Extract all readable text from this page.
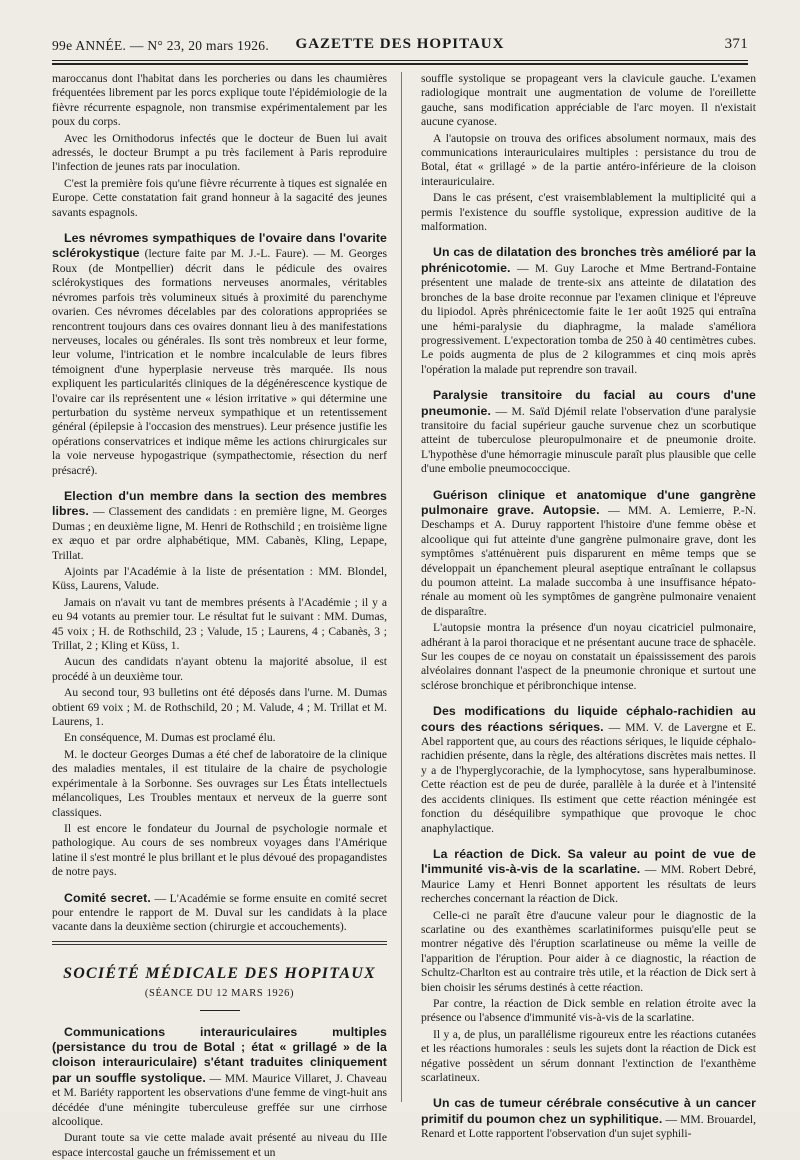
99e ANNÉE. — N° 23, 20 mars 1926.	GAZETTE DES HOPITAUX	371

maroccanus dont l'habitat dans les porcheries ou dans les chaumières fréquentées librement par les porcs explique toute l'épidémiologie de la fièvre récurrente espagnole, non transmise expérimentalement par les poux du corps.

Avec les Ornithodorus infectés que le docteur de Buen lui avait adressés, le docteur Brumpt a pu très facilement à Paris reproduire l'infection de jeunes rats par inoculation.

C'est la première fois qu'une fièvre récurrente à tiques est signalée en Europe. Cette constatation fait grand honneur à la sagacité des jeunes savants espagnols.

Les névromes sympathiques de l'ovaire dans l'ovarite sclérokystique (lecture faite par M. J.-L. Faure). — M. Georges Roux (de Montpellier) décrit dans le pédicule des ovaires sclérokystiques des formations nerveuses anormales, véritables névromes parfois très volumineux situés à proximité du parenchyme ovarien. Ces névromes décelables par des colorations appropriées se rencontrent toujours dans ces ovaires donnant lieu à des manifestations nerveuses, locales ou générales. Ils sont très nombreux et leur forme, leur volume, l'intrication et le nombre incalculable de leurs fibres témoignent d'une hyperplasie nerveuse très marquée. Ils nous expliquent les particularités cliniques de la dégénérescence kystique de l'ovaire car ils représentent une « lésion irritative » qui détermine une perturbation du système nerveux sympathique et un retentissement général (épilepsie à l'occasion des menstrues). Leur présence justifie les opérations conservatrices et indique même les actions chirurgicales sur la voie nerveuse hypogastrique (sympathectomie, résection du nerf présacré).

Election d'un membre dans la section des membres libres. — Classement des candidats : en première ligne, M. Georges Dumas ; en deuxième ligne, M. Henri de Rothschild ; en troisième ligne ex æquo et par ordre alphabétique, MM. Cabanès, Kling, Lepape, Trillat.

Ajoints par l'Académie à la liste de présentation : MM. Blondel, Küss, Laurens, Valude.

Jamais on n'avait vu tant de membres présents à l'Académie ; il y a eu 94 votants au premier tour. Le résultat fut le suivant : MM. Dumas, 45 voix ; H. de Rothschild, 23 ; Valude, 15 ; Laurens, 4 ; Cabanès, 3 ; Trillat, 2 ; Kling et Küss, 1.

Aucun des candidats n'ayant obtenu la majorité absolue, il est procédé à un deuxième tour.

Au second tour, 93 bulletins ont été déposés dans l'urne. M. Dumas obtient 69 voix ; M. de Rothschild, 20 ; M. Valude, 4 ; M. Trillat et M. Laurens, 1.

En conséquence, M. Dumas est proclamé élu.

M. le docteur Georges Dumas a été chef de laboratoire de la clinique des maladies mentales, il est titulaire de la chaire de psychologie expérimentale à la Sorbonne. Ses ouvrages sur Les États intellectuels mélancoliques, Les Troubles mentaux et nerveux de la guerre sont classiques.

Il est encore le fondateur du Journal de psychologie normale et pathologique. Au cours de ses nombreux voyages dans l'Amérique latine il s'est montré le plus brillant et le plus dévoué des propagandistes de notre pays.

Comité secret. — L'Académie se forme ensuite en comité secret pour entendre le rapport de M. Duval sur les candidats à la place vacante dans la deuxième section (chirurgie et accouchements).

SOCIÉTÉ MÉDICALE DES HOPITAUX
(SÉANCE DU 12 MARS 1926)

Communications interauriculaires multiples (persistance du trou de Botal ; état « grillagé » de la cloison interauriculaire) s'étant traduites cliniquement par un souffle systolique. — MM. Maurice Villaret, J. Chaveau et M. Bariéty rapportent les observations d'une femme de vingt-huit ans décédée d'une méningite tuberculeuse greffée sur une cirrhose alcoolique.

Durant toute sa vie cette malade avait présenté au niveau du IIIe espace intercostal gauche un frémissement et un

souffle systolique se propageant vers la clavicule gauche. L'examen radiologique montrait une augmentation de volume de l'oreillette gauche, sans modification appréciable de l'arc moyen. Il n'existait aucune cyanose.

A l'autopsie on trouva des orifices absolument normaux, mais des communications interauriculaires multiples : persistance du trou de Botal, état « grillagé » de la partie antéro-inférieure de la cloison interauriculaire.

Dans le cas présent, c'est vraisemblablement la multiplicité qui a permis l'existence du souffle systolique, expression auditive de la malformation.

Un cas de dilatation des bronches très amélioré par la phrénicotomie. — M. Guy Laroche et Mme Bertrand-Fontaine présentent une malade de trente-six ans atteinte de dilatation des bronches de la base droite reconnue par l'examen clinique et l'épreuve du lipiodol. Après phrénicectomie faite le 1er août 1925 qui entraîna une hémi-paralysie du diaphragme, la malade s'améliora progressivement. L'expectoration tomba de 250 à 40 centimètres cubes. Le poids augmenta de plus de 2 kilogrammes et cinq mois après l'opération la malade put reprendre son travail.

Paralysie transitoire du facial au cours d'une pneumonie. — M. Saïd Djémil relate l'observation d'une paralysie transitoire du facial supérieur gauche survenue chez un scorbutique atteint de tuberculose pleuropulmonaire et de pneumonie droite. L'hypothèse d'une hémorragie minuscule paraît plus plausible que celle d'une embolie pneumococcique.

Guérison clinique et anatomique d'une gangrène pulmonaire grave. Autopsie. — MM. A. Lemierre, P.-N. Deschamps et A. Duruy rapportent l'histoire d'une femme obèse et alcoolique qui fut atteinte d'une gangrène pulmonaire grave, dont les symptômes s'atténuèrent puis disparurent en même temps que se développait un épanchement pleural aseptique entraînant le collapsus du poumon atteint. La malade succomba à une insuffisance hépato-rénale au moment où les symptômes de gangrène pulmonaire venaient de disparaître.

L'autopsie montra la présence d'un noyau cicatriciel pulmonaire, adhérant à la paroi thoracique et ne présentant aucune trace de sphacèle. Sur les coupes de ce noyau on constatait un épaississement des parois alvéolaires donnant l'aspect de la pneumonie chronique et surtout une sclérose bronchique et péribronchique intense.

Des modifications du liquide céphalo-rachidien au cours des réactions sériques. — MM. V. de Lavergne et E. Abel rapportent que, au cours des réactions sériques, le liquide céphalo-rachidien présente, dans la règle, des altérations discrètes mais nettes. Il y a de l'hyperglycorachie, de la lymphocytose, sans hyperalbuminose. Cette réaction est de peu de durée, parallèle à la durée et à l'intensité des accidents cliniques. Ils estiment que cette réaction méningée est fonction du déséquilibre sympathique que provoque le choc anaphylactique.

La réaction de Dick. Sa valeur au point de vue de l'immunité vis-à-vis de la scarlatine. — MM. Robert Debré, Maurice Lamy et Henri Bonnet apportent les résultats de leurs recherches concernant la réaction de Dick.

Celle-ci ne paraît être d'aucune valeur pour le diagnostic de la scarlatine ou des exanthèmes scarlatiniformes puisqu'elle peut se montrer négative dès l'éruption scarlatineuse ou même la veille de l'apparition de l'éruption. Pour aider à ce diagnostic, la réaction de Schultz-Charlton est au contraire très utile, et la réaction de Dick sert à bien choisir les sérums destinés à cette réaction.

Par contre, la réaction de Dick semble en relation étroite avec la présence ou l'absence d'immunité vis-à-vis de la scarlatine.

Il y a, de plus, un parallélisme rigoureux entre les réactions cutanées et les réactions humorales : seuls les sujets dont la réaction de Dick est négative possèdent un sérum donnant l'extinction de l'exanthème scarlatineux.

Un cas de tumeur cérébrale consécutive à un cancer primitif du poumon chez un syphilitique. — MM. Brouardel, Renard et Lotte rapportent l'observation d'un sujet syphili-
